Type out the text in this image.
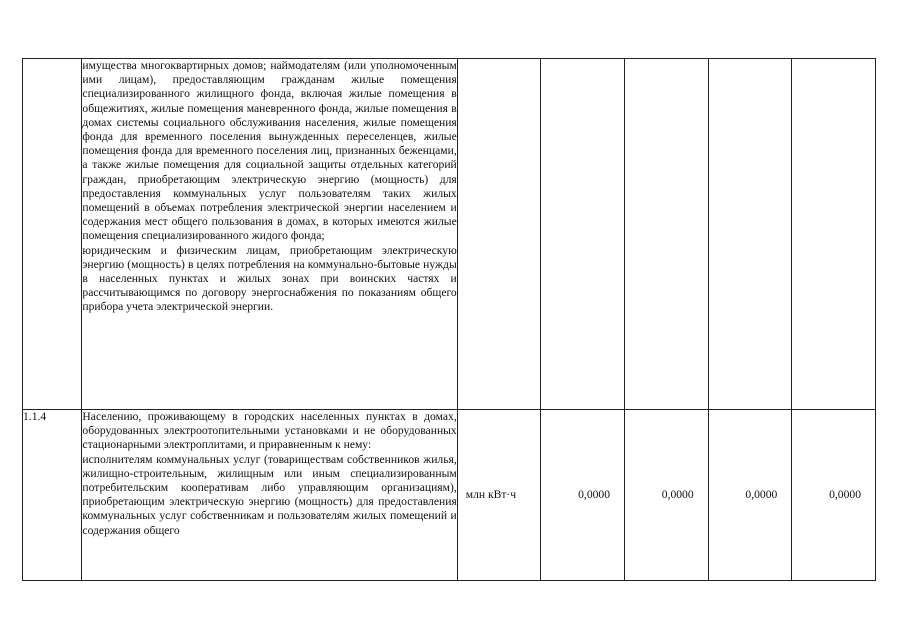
	имущества многоквартирных домов; наймодателям (или уполномоченным ими лицам), предоставляющим гражданам жилые помещения специализированного жилищного фонда, включая жилые помещения в общежитиях, жилые помещения маневренного фонда, жилые помещения в домах системы социального обслуживания населения, жилые помещения фонда для временного поселения вынужденных переселенцев, жилые помещения фонда для временного поселения лиц, признанных беженцами, а также жилые помещения для социальной защиты отдельных категорий граждан, приобретающим электрическую энергию (мощность) для предоставления коммунальных услуг пользователям таких жилых помещений в объемах потребления электрической энергии населением и содержания мест общего пользования в домах, в которых имеются жилые помещения специализированного жидого фонда;

юридическим и физическим лицам, приобретающим электрическую энергию (мощность) в целях потребления на коммунально-бытовые нужды в населенных пунктах и жилых зонах при воинских частях и рассчитывающимся по договору энергоснабжения по показаниям общего прибора учета электрической энергии.					

1.1.4	Населению, проживающему в городских населенных пунктах в домах, оборудованных электроотопительными установками и не оборудованных стационарными электроплитами, и приравненным к нему:

исполнителям коммунальных услуг (товариществам собственников жилья, жилищно-строительным, жилищным или иным специализированным потребительским кооперативам либо управляющим организациям), приобретающим электрическую энергию (мощность) для предоставления коммунальных услуг собственникам и пользователям жилых помещений и содержания общего	млн кВт·ч	0,0000	0,0000	0,0000	0,0000
